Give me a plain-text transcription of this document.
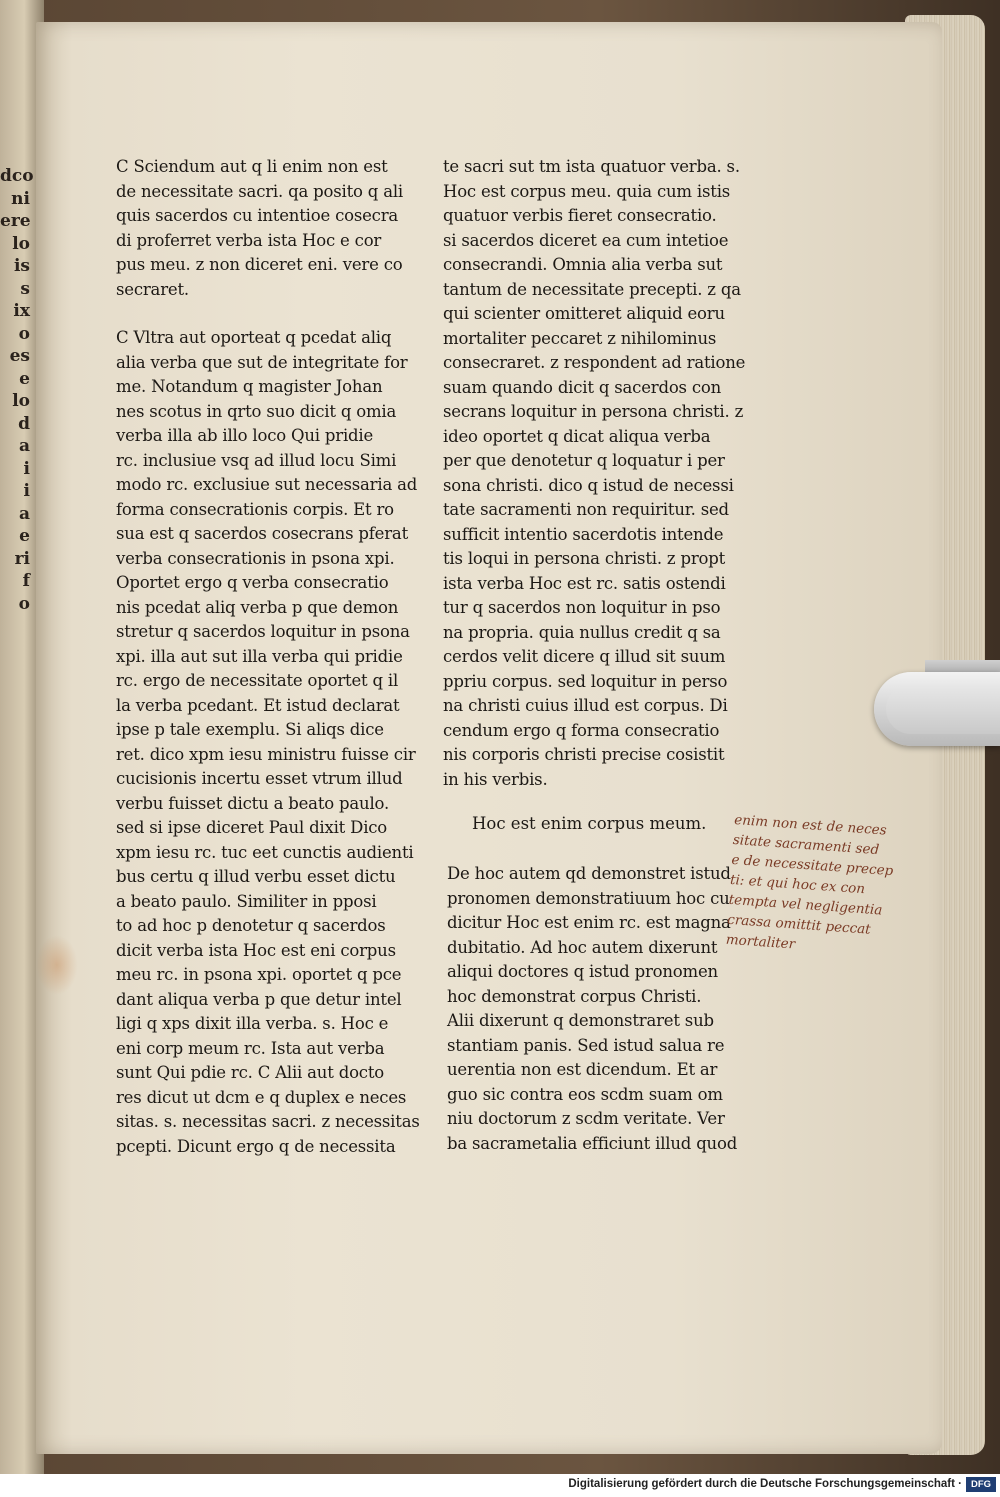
dco
ni
ere
lo
is
s
ix
o
es
e
lo
d
a
i
i
a
e
ri
f
o
C Sciendum aut q li enim non est
de necessitate sacri. qa posito q ali
quis sacerdos cu intentioe cosecra
di proferret verba ista Hoc e cor
pus meu. z non diceret eni. vere co
secraret.
C Vltra aut oporteat q pcedat aliq
alia verba que sut de integritate for
me. Notandum q magister Johan
nes scotus in qrto suo dicit q omia
verba illa ab illo loco Qui pridie
rc. inclusiue vsq ad illud locu Simi
modo rc. exclusiue sut necessaria ad
forma consecrationis corpis. Et ro
sua est q sacerdos cosecrans pferat
verba consecrationis in psona xpi.
Oportet ergo q verba consecratio
nis pcedat aliq verba p que demon
stretur q sacerdos loquitur in psona
xpi. illa aut sut illa verba qui pridie
rc. ergo de necessitate oportet q il
la verba pcedant. Et istud declarat
ipse p tale exemplu. Si aliqs dice
ret. dico xpm iesu ministru fuisse cir
cucisionis incertu esset vtrum illud
verbu fuisset dictu a beato paulo.
sed si ipse diceret Paul dixit Dico
xpm iesu rc. tuc eet cunctis audienti
bus certu q illud verbu esset dictu
a beato paulo. Similiter in pposi
to ad hoc p denotetur q sacerdos
dicit verba ista Hoc est eni corpus
meu rc. in psona xpi. oportet q pce
dant aliqua verba p que detur intel
ligi q xps dixit illa verba. s. Hoc e
eni corp meum rc. Ista aut verba
sunt Qui pdie rc. C Alii aut docto
res dicut ut dcm e q duplex e neces
sitas. s. necessitas sacri. z necessitas
pcepti. Dicunt ergo q de necessita
te sacri sut tm ista quatuor verba. s.
Hoc est corpus meu. quia cum istis
quatuor verbis fieret consecratio.
si sacerdos diceret ea cum intetioe
consecrandi. Omnia alia verba sut
tantum de necessitate precepti. z qa
qui scienter omitteret aliquid eoru
mortaliter peccaret z nihilominus
consecraret. z respondent ad ratione
suam quando dicit q sacerdos con
secrans loquitur in persona christi. z
ideo oportet q dicat aliqua verba
per que denotetur q loquatur i per
sona christi. dico q istud de necessi
tate sacramenti non requiritur. sed
sufficit intentio sacerdotis intende
tis loqui in persona christi. z propt
ista verba Hoc est rc. satis ostendi
tur q sacerdos non loquitur in pso
na propria. quia nullus credit q sa
cerdos velit dicere q illud sit suum
ppriu corpus. sed loquitur in perso
na christi cuius illud est corpus. Di
cendum ergo q forma consecratio
nis corporis christi precise cosistit
in his verbis.
Hoc est enim corpus meum.
De hoc autem qd demonstret istud
pronomen demonstratiuum hoc cu
dicitur Hoc est enim rc. est magna
dubitatio. Ad hoc autem dixerunt
aliqui doctores q istud pronomen
hoc demonstrat corpus Christi.
Alii dixerunt q demonstraret sub
stantiam panis. Sed istud salua re
uerentia non est dicendum. Et ar
guo sic contra eos scdm suam om
niu doctorum z scdm veritate. Ver
ba sacrametalia efficiunt illud quod
enim non est de neces
sitate sacramenti sed
e de necessitate precep
ti: et qui hoc ex con
tempta vel negligentia
crassa omittit peccat
mortaliter
Digitalisierung gefördert durch die Deutsche Forschungsgemeinschaft · DFG
